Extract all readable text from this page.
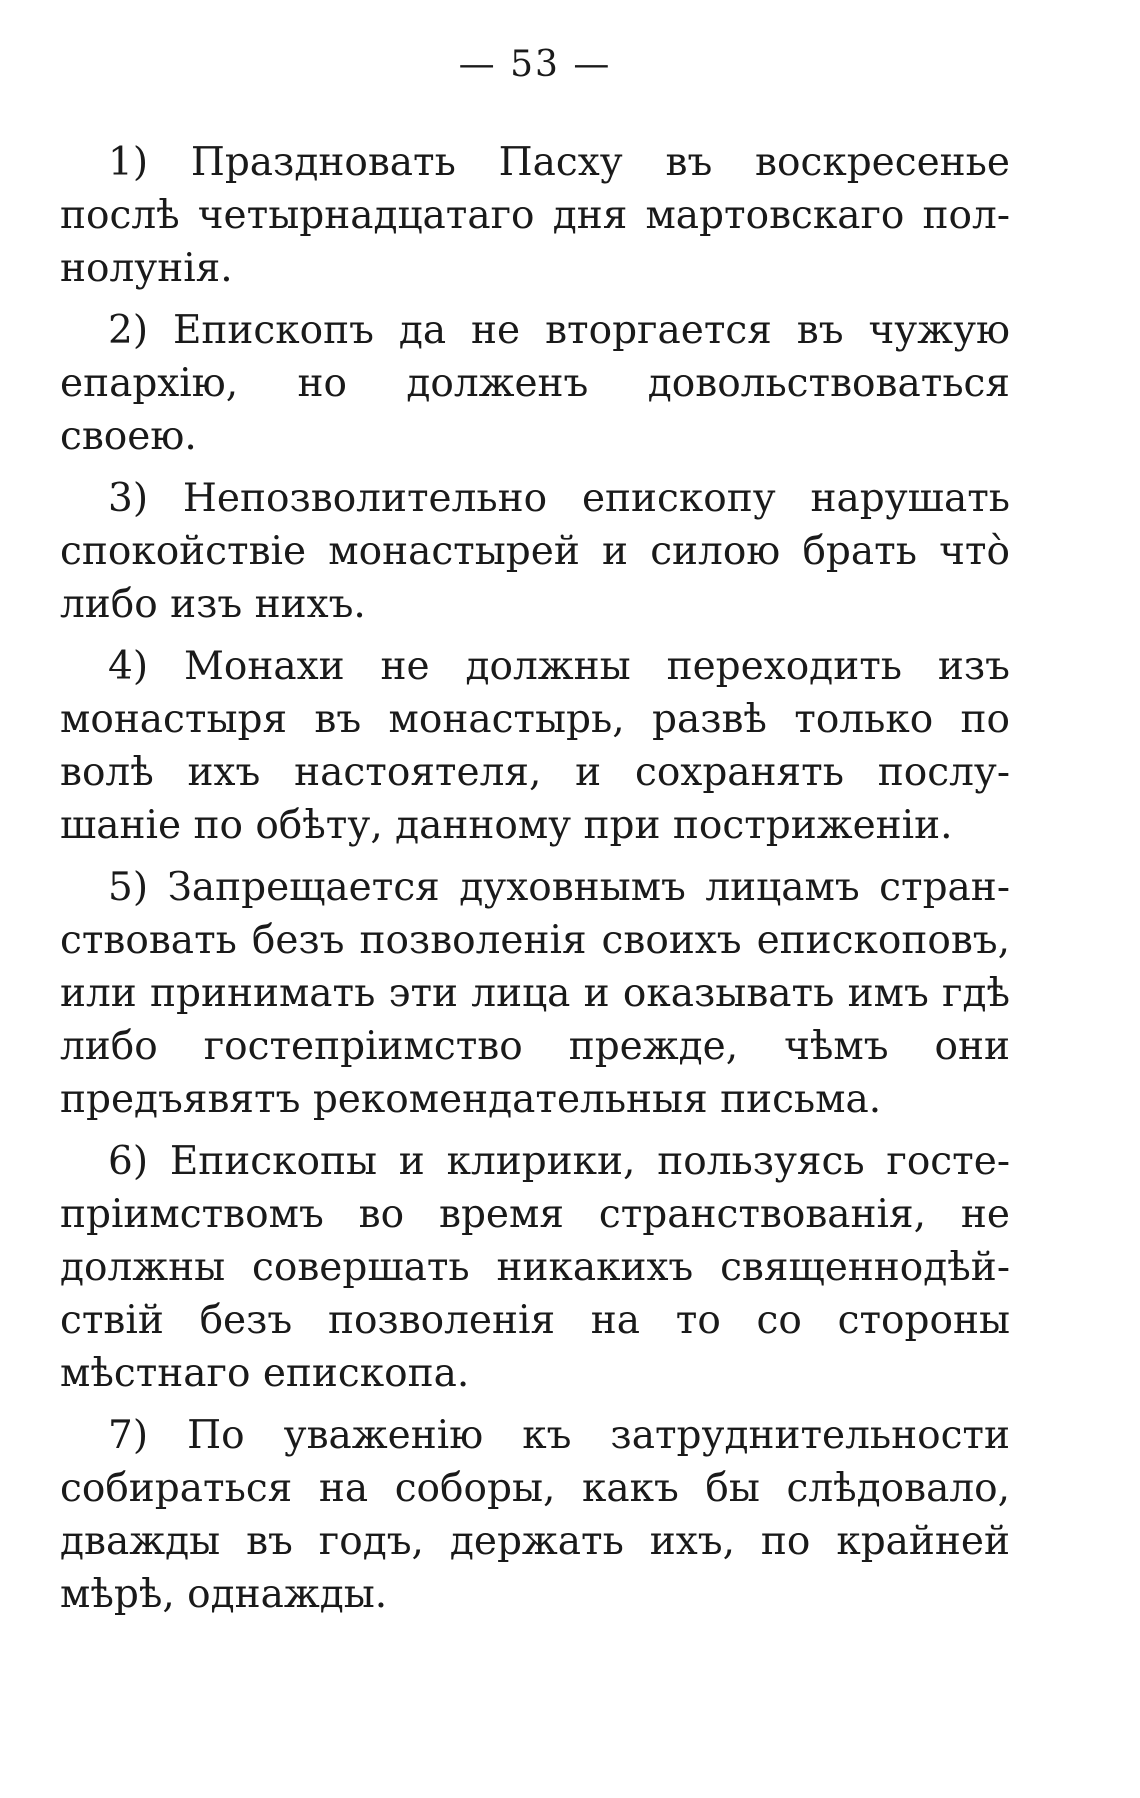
— 53 —

1) Праздновать Пасху въ воскресенье послѣ четырнадцатаго дня мартовскаго полнолунія.

2) Епископъ да не вторгается въ чужую епархію, но долженъ довольствоваться своею.

3) Непозволительно епископу нарушать спокойствіе монастырей и силою брать что̀ либо изъ нихъ.

4) Монахи не должны переходить изъ монастыря въ монастырь, развѣ только по волѣ ихъ настоятеля, и сохранять послушаніе по обѣту, данному при постриженіи.

5) Запрещается духовнымъ лицамъ странствовать безъ позволенія своихъ епископовъ, или принимать эти лица и оказывать имъ гдѣ либо гостепріимство прежде, чѣмъ они предъявятъ рекомендательныя письма.

6) Епископы и клирики, пользуясь гостепріимствомъ во время странствованія, не должны совершать никакихъ священнодѣйствій безъ позволенія на то со стороны мѣстнаго епископа.

7) По уваженію къ затруднительности собираться на соборы, какъ бы слѣдовало, дважды въ годъ, держать ихъ, по крайней мѣрѣ, однажды.
